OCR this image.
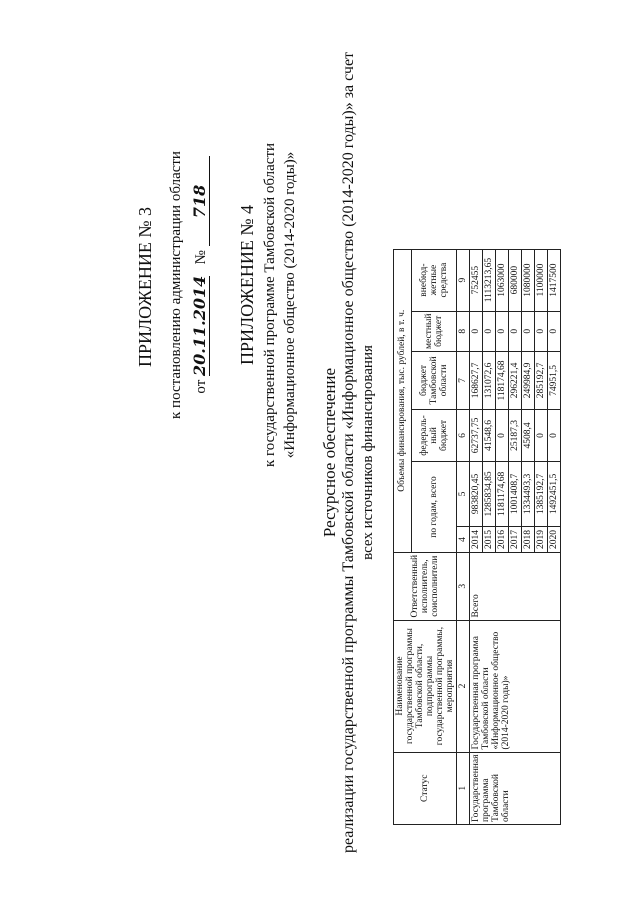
ПРИЛОЖЕНИЕ № 3 к постановлению администрации области от 20.11.2014   № 718
ПРИЛОЖЕНИЕ № 4 к государственной программе Тамбовской области «Информационное общество (2014-2020 годы)» Ресурсное обеспечение реализации государственной программы Тамбовской области «Информационное общество (2014-2020 годы)» за счет всех источников финансирования
Статус	Наименование государственной программы Тамбовской области, подпрограммы государственной программы, мероприятия	Ответственный исполнитель, соисполнители	Объемы финансирования, тыс. рублей, в т. ч.					
			по годам, всего		федераль-ный бюджет	бюджет Тамбовской области	местный бюджет	внебюд-жетные средства
1	2	3	4	5	6	7	8	9
Государственная программа Тамбовской области	Государственная программа Тамбовской области «Информационное общество (2014-2020 годы)»	Всего	2014	983820,45	62737,75	168627,7	0	752455
			2015	1285834,85	41548,6	131072,6	0	1113213,65
			2016	1181174,68	0	118174,68	0	1063000
			2017	1001408,7	25187,3	296221,4	0	680000
			2018	1334493,3	4508,4	249984,9	0	1080000
			2019	1385192,7	0	285192,7	0	1100000
			2020	1492451,5	0	74951,5	0	1417500
